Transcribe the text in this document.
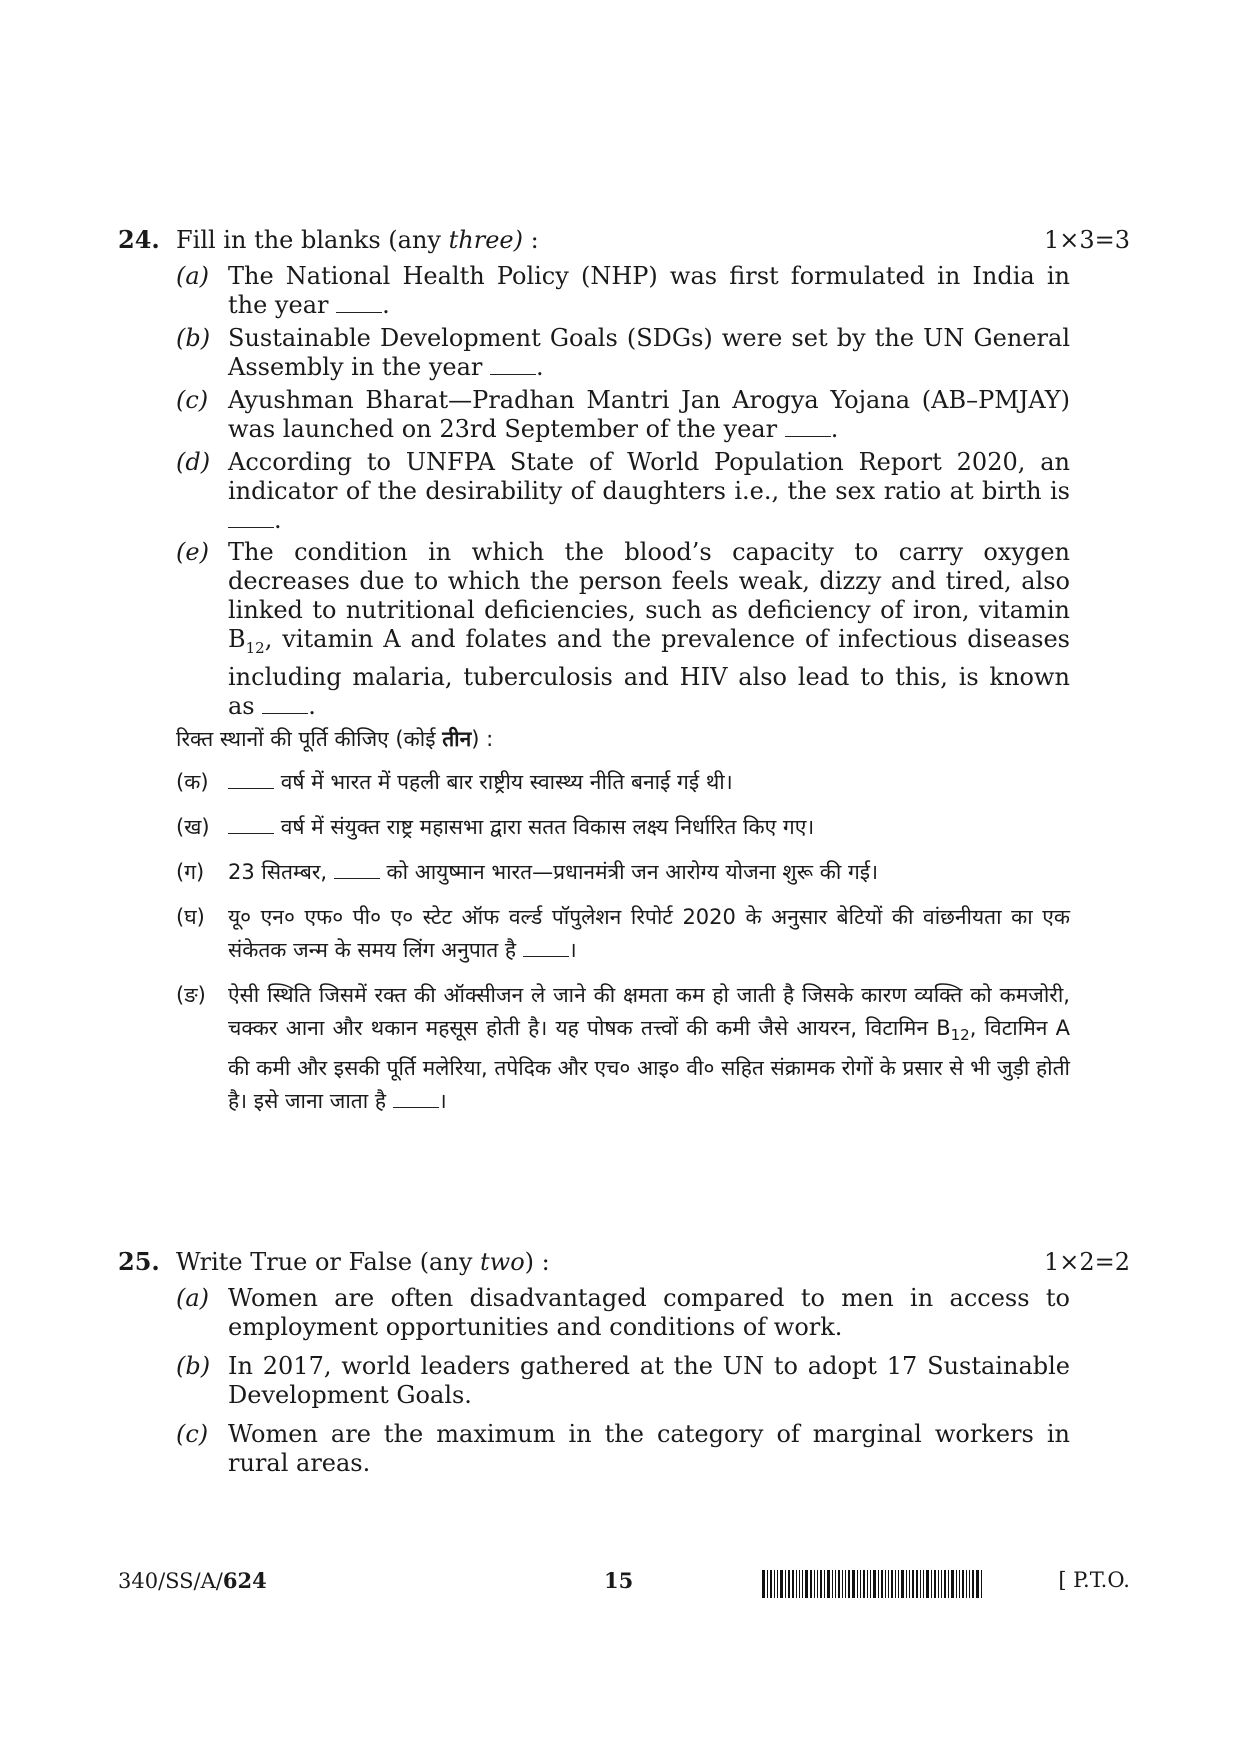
24. Fill in the blanks (any three) :	1×3=3
(a) The National Health Policy (NHP) was first formulated in India in the year .
(b) Sustainable Development Goals (SDGs) were set by the UN General Assembly in the year .
(c) Ayushman Bharat—Pradhan Mantri Jan Arogya Yojana (AB–PMJAY) was launched on 23rd September of the year .
(d) According to UNFPA State of World Population Report 2020, an indicator of the desirability of daughters i.e., the sex ratio at birth is .
(e) The condition in which the blood’s capacity to carry oxygen decreases due to which the person feels weak, dizzy and tired, also linked to nutritional deficiencies, such as deficiency of iron, vitamin $B_{12}$, vitamin A and folates and the prevalence of infectious diseases including malaria, tuberculosis and HIV also lead to this, is known as .
रिक्त स्थानों की पूर्ति कीजिए (कोई तीन) :
(क)	वर्ष में भारत में पहली बार राष्ट्रीय स्वास्थ्य नीति बनाई गई थी।
(ख)	वर्ष में संयुक्त राष्ट्र महासभा द्वारा सतत विकास लक्ष्य निर्धारित किए गए।
(ग)	23 सितम्बर,	को आयुष्मान भारत—प्रधानमंत्री जन आरोग्य योजना शुरू की गई।
(घ)	यू० एन० एफ० पी० ए० स्टेट ऑफ वर्ल्ड पॉपुलेशन रिपोर्ट 2020 के अनुसार बेटियों की वांछनीयता का एक संकेतक जन्म के समय लिंग अनुपात है	।
(ङ)	ऐसी स्थिति जिसमें रक्त की ऑक्सीजन ले जाने की क्षमता कम हो जाती है जिसके कारण व्यक्ति को कमजोरी, चक्कर आना और थकान महसूस होती है। यह पोषक तत्त्वों की कमी जैसे आयरन, विटामिन $B_{12}$, विटामिन A की कमी और इसकी पूर्ति मलेरिया, तपेदिक और एच० आइ० वी० सहित संक्रामक रोगों के प्रसार से भी जुड़ी होती है। इसे जाना जाता है	।
25. Write True or False (any two) :	1×2=2
(a) Women are often disadvantaged compared to men in access to employment opportunities and conditions of work.
(b) In 2017, world leaders gathered at the UN to adopt 17 Sustainable Development Goals.
(c) Women are the maximum in the category of marginal workers in rural areas.
340/SS/A/624	15	[ P.T.O.
